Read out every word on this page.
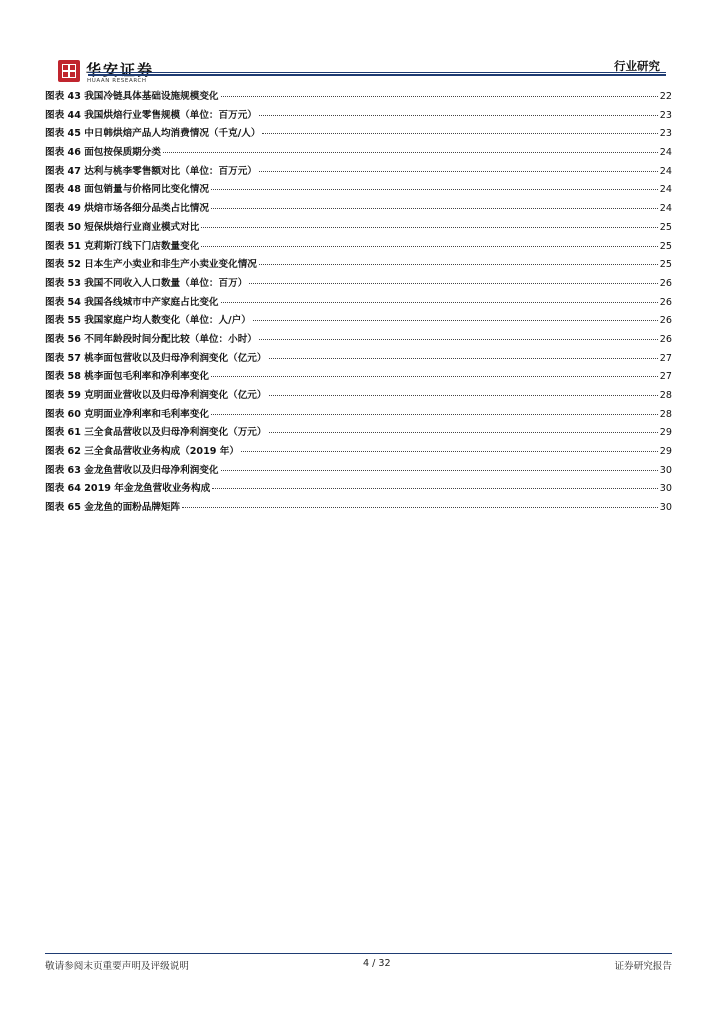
华安证券
HUAAN RESEARCH
行业研究
图表 43 我国冷链具体基础设施规模变化	22
图表 44 我国烘焙行业零售规模（单位：百万元）	23
图表 45 中日韩烘焙产品人均消费情况（千克/人）	23
图表 46 面包按保质期分类	24
图表 47 达利与桃李零售额对比（单位：百万元）	24
图表 48 面包销量与价格同比变化情况	24
图表 49 烘焙市场各细分品类占比情况	24
图表 50 短保烘焙行业商业模式对比	25
图表 51 克莉斯汀线下门店数量变化	25
图表 52 日本生产小卖业和非生产小卖业变化情况	25
图表 53 我国不同收入人口数量（单位：百万）	26
图表 54 我国各线城市中产家庭占比变化	26
图表 55 我国家庭户均人数变化（单位：人/户）	26
图表 56 不同年龄段时间分配比较（单位：小时）	26
图表 57 桃李面包营收以及归母净利润变化（亿元）	27
图表 58 桃李面包毛利率和净利率变化	27
图表 59 克明面业营收以及归母净利润变化（亿元）	28
图表 60 克明面业净利率和毛利率变化	28
图表 61 三全食品营收以及归母净利润变化（万元）	29
图表 62 三全食品营收业务构成（2019 年）	29
图表 63 金龙鱼营收以及归母净利润变化	30
图表 64 2019 年金龙鱼营收业务构成	30
图表 65 金龙鱼的面粉品牌矩阵	30
敬请参阅末页重要声明及评级说明	4 / 32	证券研究报告
